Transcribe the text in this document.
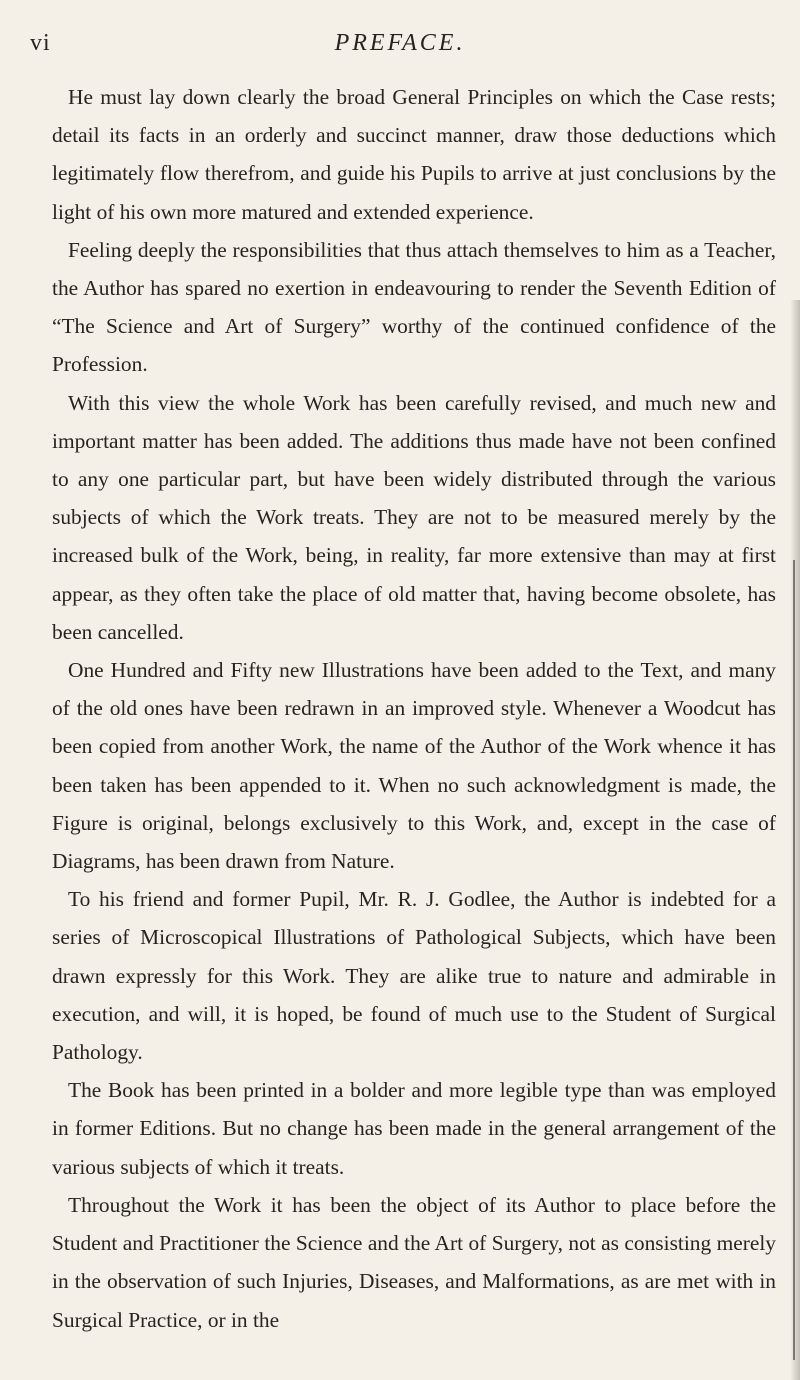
vi	PREFACE.

He must lay down clearly the broad General Principles on which the Case rests; detail its facts in an orderly and succinct manner, draw those deductions which legitimately flow therefrom, and guide his Pupils to arrive at just conclusions by the light of his own more matured and extended experience.

Feeling deeply the responsibilities that thus attach themselves to him as a Teacher, the Author has spared no exertion in endeavouring to render the Seventh Edition of “The Science and Art of Surgery” worthy of the continued confidence of the Profession.

With this view the whole Work has been carefully revised, and much new and important matter has been added. The additions thus made have not been confined to any one particular part, but have been widely distributed through the various subjects of which the Work treats. They are not to be measured merely by the increased bulk of the Work, being, in reality, far more extensive than may at first appear, as they often take the place of old matter that, having become obsolete, has been cancelled.

One Hundred and Fifty new Illustrations have been added to the Text, and many of the old ones have been redrawn in an improved style. Whenever a Woodcut has been copied from another Work, the name of the Author of the Work whence it has been taken has been appended to it. When no such acknowledgment is made, the Figure is original, belongs exclusively to this Work, and, except in the case of Diagrams, has been drawn from Nature.

To his friend and former Pupil, Mr. R. J. Godlee, the Author is indebted for a series of Microscopical Illustrations of Pathological Subjects, which have been drawn expressly for this Work. They are alike true to nature and admirable in execution, and will, it is hoped, be found of much use to the Student of Surgical Pathology.

The Book has been printed in a bolder and more legible type than was employed in former Editions. But no change has been made in the general arrangement of the various subjects of which it treats.

Throughout the Work it has been the object of its Author to place before the Student and Practitioner the Science and the Art of Surgery, not as consisting merely in the observation of such Injuries, Diseases, and Malformations, as are met with in Surgical Practice, or in the
